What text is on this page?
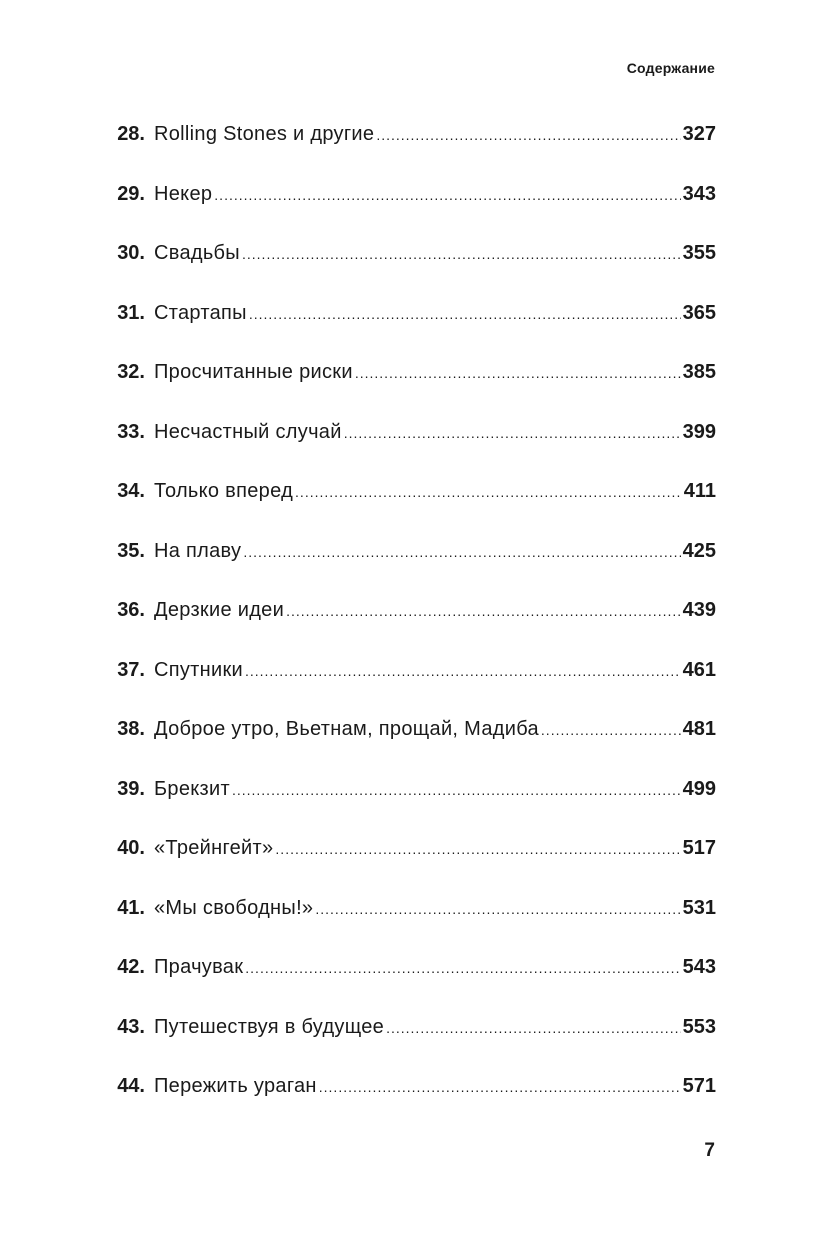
Содержание
28. Rolling Stones и другие .....	327
29. Некер .....	343
30. Свадьбы .....	355
31. Стартапы .....	365
32. Просчитанные риски .....	385
33. Несчастный случай .....	399
34. Только вперед .....	411
35. На плаву .....	425
36. Дерзкие идеи .....	439
37. Спутники .....	461
38. Доброе утро, Вьетнам, прощай, Мадиба .....	481
39. Брекзит .....	499
40. «Трейнгейт» .....	517
41. «Мы свободны!» .....	531
42. Прачувак .....	543
43. Путешествуя в будущее .....	553
44. Пережить ураган .....	571
7
